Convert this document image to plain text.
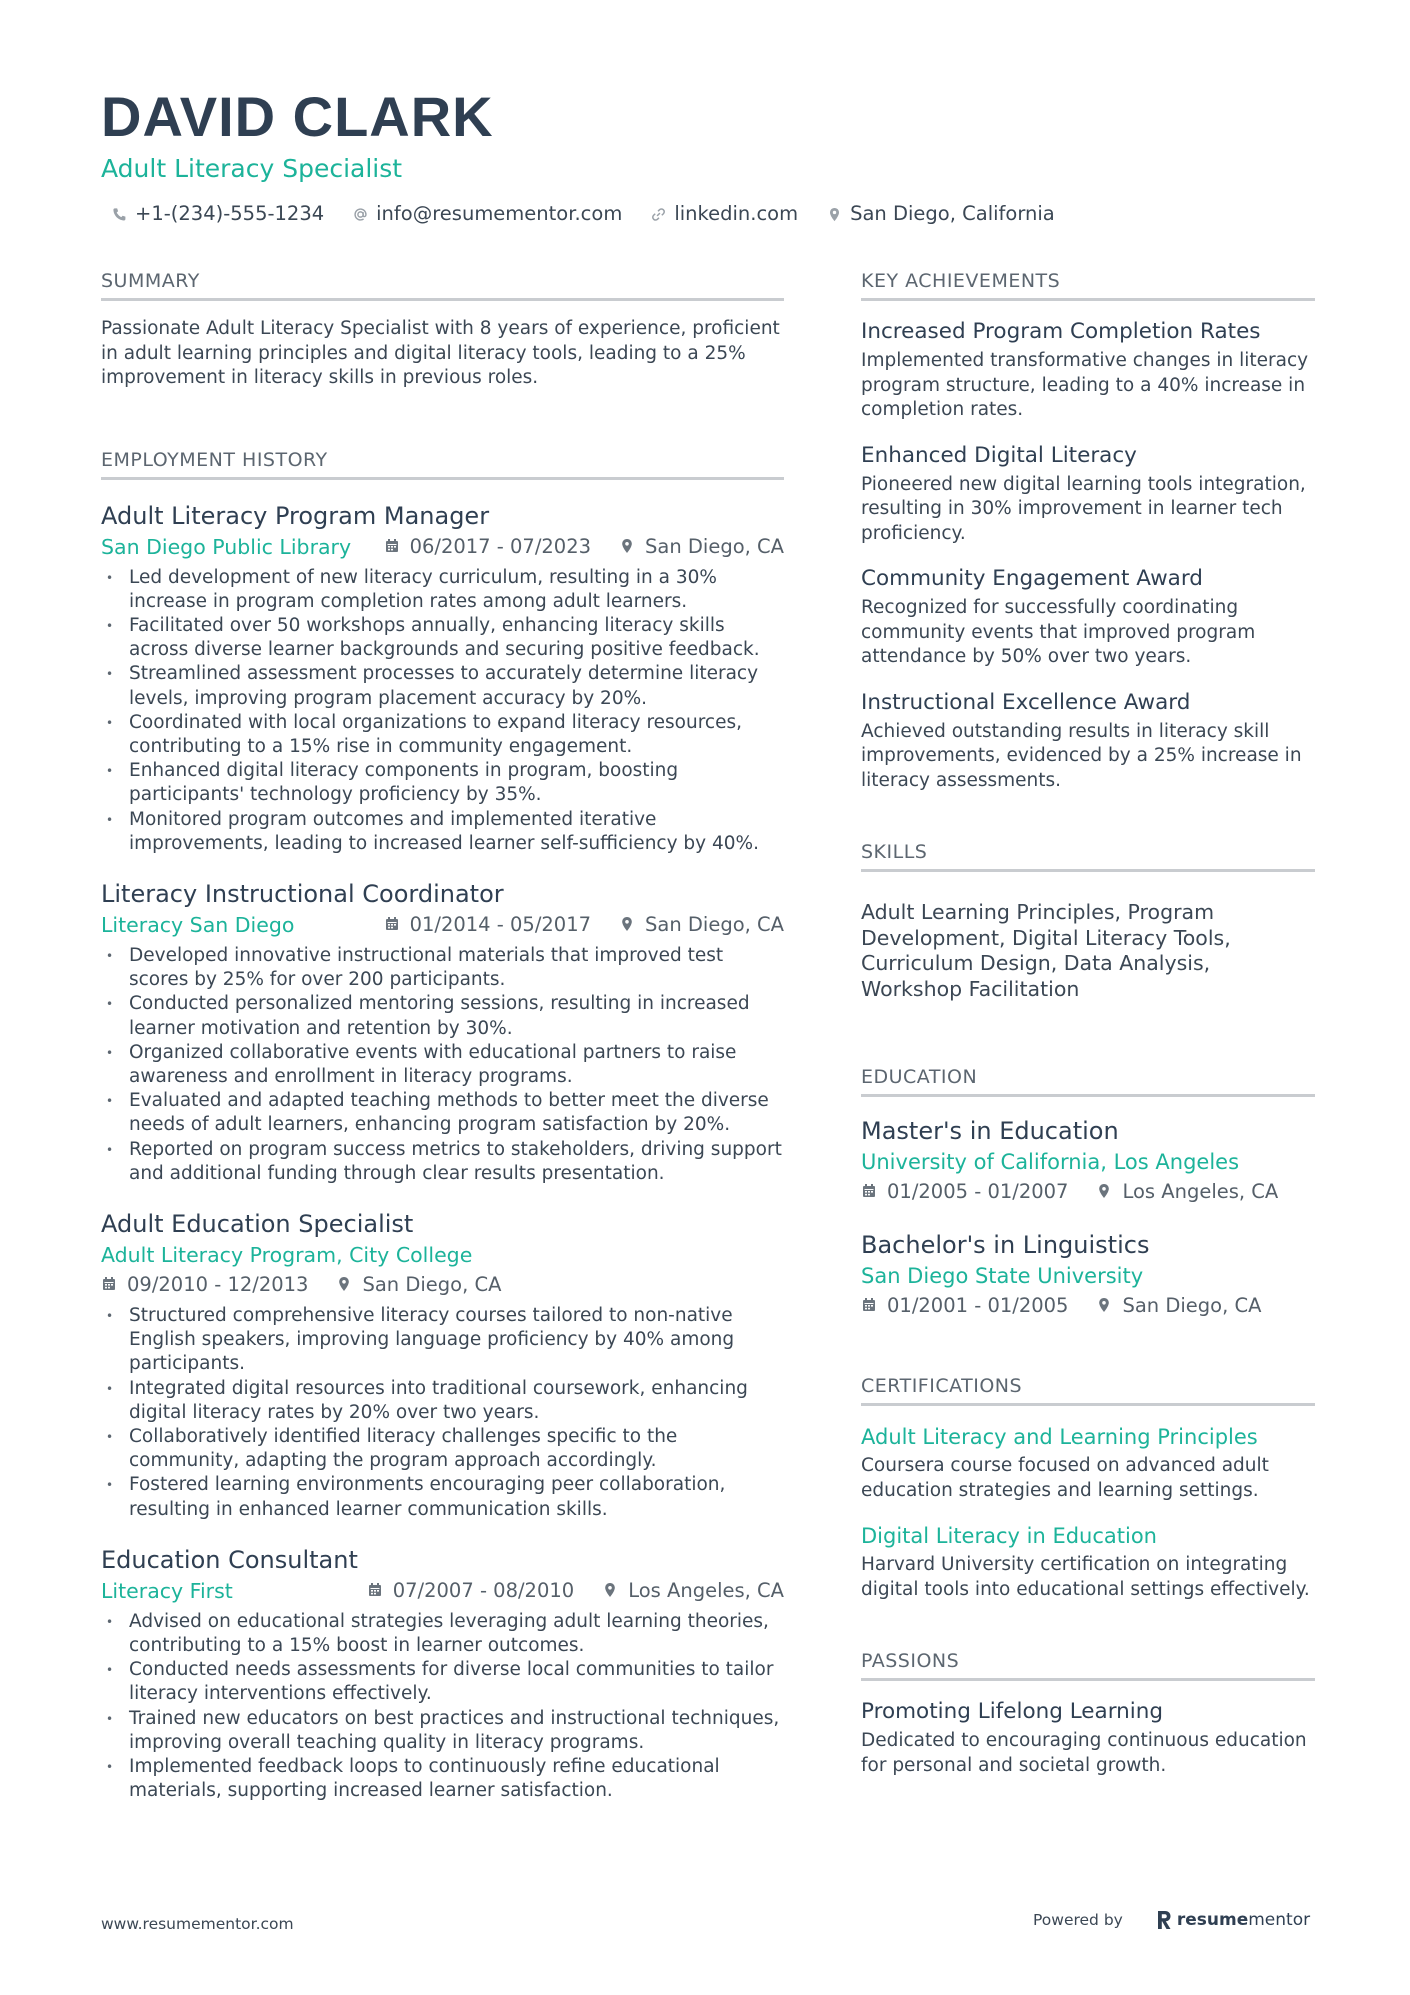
DAVID CLARK
Adult Literacy Specialist
+1-(234)-555-1234	info@resumementor.com	linkedin.com	San Diego, California
SUMMARY
Passionate Adult Literacy Specialist with 8 years of experience, proficient in adult learning principles and digital literacy tools, leading to a 25% improvement in literacy skills in previous roles.
EMPLOYMENT HISTORY
Adult Literacy Program Manager
San Diego Public Library	06/2017 - 07/2023	San Diego, CA
• Led development of new literacy curriculum, resulting in a 30% increase in program completion rates among adult learners.
• Facilitated over 50 workshops annually, enhancing literacy skills across diverse learner backgrounds and securing positive feedback.
• Streamlined assessment processes to accurately determine literacy levels, improving program placement accuracy by 20%.
• Coordinated with local organizations to expand literacy resources, contributing to a 15% rise in community engagement.
• Enhanced digital literacy components in program, boosting participants' technology proficiency by 35%.
• Monitored program outcomes and implemented iterative improvements, leading to increased learner self-sufficiency by 40%.
Literacy Instructional Coordinator
Literacy San Diego	01/2014 - 05/2017	San Diego, CA
• Developed innovative instructional materials that improved test scores by 25% for over 200 participants.
• Conducted personalized mentoring sessions, resulting in increased learner motivation and retention by 30%.
• Organized collaborative events with educational partners to raise awareness and enrollment in literacy programs.
• Evaluated and adapted teaching methods to better meet the diverse needs of adult learners, enhancing program satisfaction by 20%.
• Reported on program success metrics to stakeholders, driving support and additional funding through clear results presentation.
Adult Education Specialist
Adult Literacy Program, City College
09/2010 - 12/2013	San Diego, CA
• Structured comprehensive literacy courses tailored to non-native English speakers, improving language proficiency by 40% among participants.
• Integrated digital resources into traditional coursework, enhancing digital literacy rates by 20% over two years.
• Collaboratively identified literacy challenges specific to the community, adapting the program approach accordingly.
• Fostered learning environments encouraging peer collaboration, resulting in enhanced learner communication skills.
Education Consultant
Literacy First	07/2007 - 08/2010	Los Angeles, CA
• Advised on educational strategies leveraging adult learning theories, contributing to a 15% boost in learner outcomes.
• Conducted needs assessments for diverse local communities to tailor literacy interventions effectively.
• Trained new educators on best practices and instructional techniques, improving overall teaching quality in literacy programs.
• Implemented feedback loops to continuously refine educational materials, supporting increased learner satisfaction.
KEY ACHIEVEMENTS
Increased Program Completion Rates
Implemented transformative changes in literacy program structure, leading to a 40% increase in completion rates.
Enhanced Digital Literacy
Pioneered new digital learning tools integration, resulting in 30% improvement in learner tech proficiency.
Community Engagement Award
Recognized for successfully coordinating community events that improved program attendance by 50% over two years.
Instructional Excellence Award
Achieved outstanding results in literacy skill improvements, evidenced by a 25% increase in literacy assessments.
SKILLS
Adult Learning Principles, Program Development, Digital Literacy Tools, Curriculum Design, Data Analysis, Workshop Facilitation
EDUCATION
Master's in Education
University of California, Los Angeles
01/2005 - 01/2007	Los Angeles, CA
Bachelor's in Linguistics
San Diego State University
01/2001 - 01/2005	San Diego, CA
CERTIFICATIONS
Adult Literacy and Learning Principles
Coursera course focused on advanced adult education strategies and learning settings.
Digital Literacy in Education
Harvard University certification on integrating digital tools into educational settings effectively.
PASSIONS
Promoting Lifelong Learning
Dedicated to encouraging continuous education for personal and societal growth.
www.resumementor.com	Powered by	resume mentor
